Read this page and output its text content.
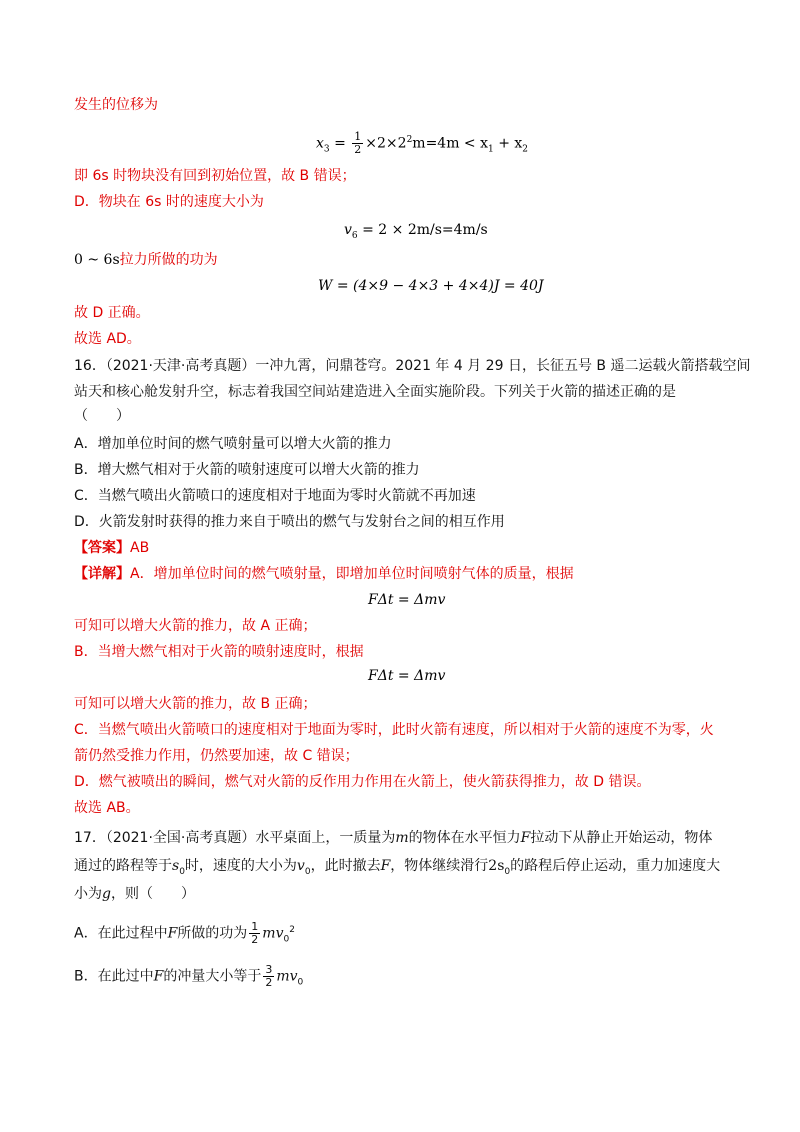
发生的位移为
$x_3 = \frac{1}{2} \times 2\times 2^2m=4m < x_1 + x_2$
即 6s 时物块没有回到初始位置，故 B 错误；
D．物块在 6s 时的速度大小为
$v_6 = 2 \times 2m/s=4m/s$
0 ~ 6s拉力所做的功为
W = (4×9 − 4×3 + 4×4)J = 40J
故 D 正确。
故选 AD。
16．（2021·天津·高考真题）一冲九霄，问鼎苍穹。2021 年 4 月 29 日，长征五号 B 遥二运载火箭搭载空间
站天和核心舱发射升空，标志着我国空间站建造进入全面实施阶段。下列关于火箭的描述正确的是
（　　）
A．增加单位时间的燃气喷射量可以增大火箭的推力
B．增大燃气相对于火箭的喷射速度可以增大火箭的推力
C．当燃气喷出火箭喷口的速度相对于地面为零时火箭就不再加速
D．火箭发射时获得的推力来自于喷出的燃气与发射台之间的相互作用
【答案】AB
【详解】A．增加单位时间的燃气喷射量，即增加单位时间喷射气体的质量，根据
FΔt = Δmv
可知可以增大火箭的推力，故 A 正确；
B．当增大燃气相对于火箭的喷射速度时，根据
FΔt = Δmv
可知可以增大火箭的推力，故 B 正确；
C．当燃气喷出火箭喷口的速度相对于地面为零时，此时火箭有速度，所以相对于火箭的速度不为零，火
箭仍然受推力作用，仍然要加速，故 C 错误；
D．燃气被喷出的瞬间，燃气对火箭的反作用力作用在火箭上，使火箭获得推力，故 D 错误。
故选 AB。
17．（2021·全国·高考真题）水平桌面上，一质量为m的物体在水平恒力F拉动下从静止开始运动，物体
通过的路程等于$s_0$时，速度的大小为$v_0$，此时撤去F，物体继续滑行$2s_0$的路程后停止运动，重力加速度大
小为g，则（　　）
A．在此过程中F所做的功为 $\frac{1}{2} mv_0^2$
B．在此过中F的冲量大小等于 $\frac{3}{2} mv_0$
